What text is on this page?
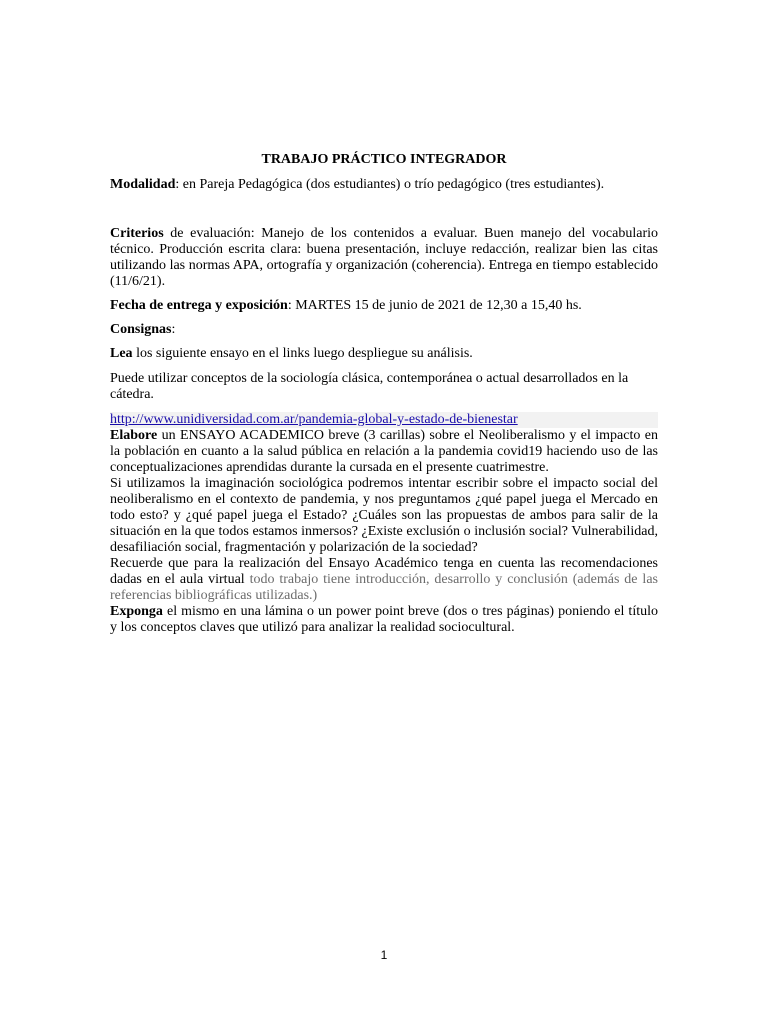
TRABAJO PRÁCTICO INTEGRADOR

Modalidad: en Pareja Pedagógica (dos estudiantes) o trío pedagógico (tres estudiantes).

Criterios de evaluación: Manejo de los contenidos a evaluar. Buen manejo del vocabulario técnico. Producción escrita clara: buena presentación, incluye redacción, realizar bien las citas utilizando las normas APA, ortografía y organización (coherencia). Entrega en tiempo establecido (11/6/21).

Fecha de entrega y exposición: MARTES 15 de junio de 2021 de 12,30 a 15,40 hs.

Consignas:

Lea los siguiente ensayo en el links luego despliegue su análisis.

Puede utilizar conceptos de la sociología clásica, contemporánea o actual desarrollados en la cátedra.

http://www.unidiversidad.com.ar/pandemia-global-y-estado-de-bienestar

Elabore un ENSAYO ACADEMICO breve (3 carillas) sobre el Neoliberalismo y el impacto en la población en cuanto a la salud pública en relación a la pandemia covid19 haciendo uso de las conceptualizaciones aprendidas durante la cursada en el presente cuatrimestre.

Si utilizamos la imaginación sociológica podremos intentar escribir sobre el impacto social del neoliberalismo en el contexto de pandemia, y nos preguntamos ¿qué papel juega el Mercado en todo esto? y ¿qué papel juega el Estado? ¿Cuáles son las propuestas de ambos para salir de la situación en la que todos estamos inmersos? ¿Existe exclusión o inclusión social? Vulnerabilidad, desafiliación social, fragmentación y polarización de la sociedad?

Recuerde que para la realización del Ensayo Académico tenga en cuenta las recomendaciones dadas en el aula virtual todo trabajo tiene introducción, desarrollo y conclusión (además de las referencias bibliográficas utilizadas.)

Exponga el mismo en una lámina o un power point breve (dos o tres páginas) poniendo el título y los conceptos claves que utilizó para analizar la realidad sociocultural.

1
